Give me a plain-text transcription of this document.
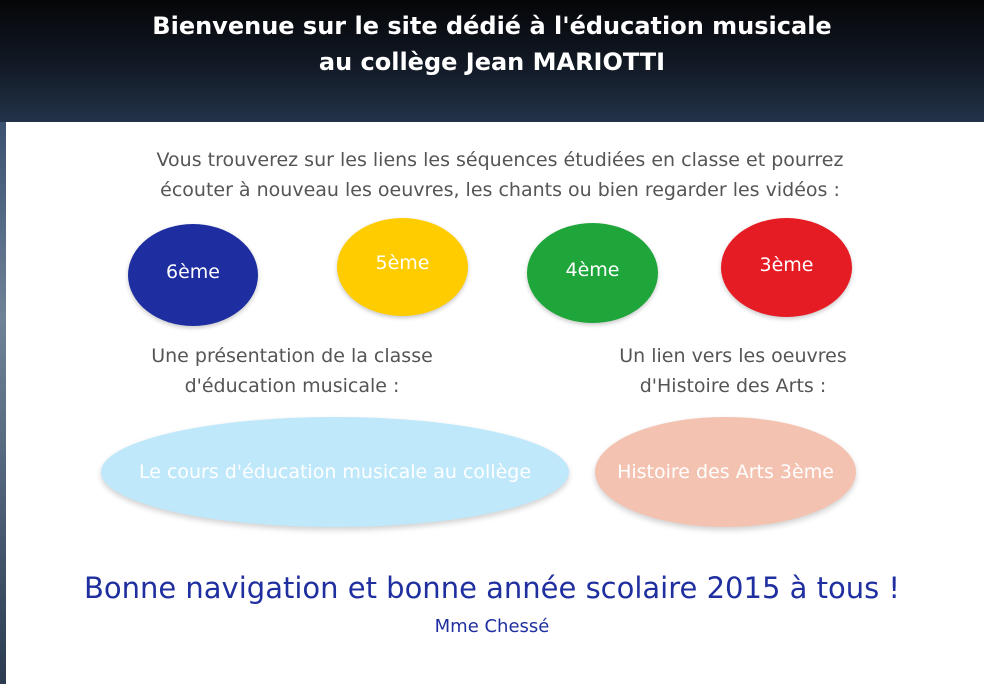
Bienvenue sur le site dédié à l'éducation musicale
au collège Jean MARIOTTI
Vous trouverez sur les liens les séquences étudiées en classe et pourrez
écouter à nouveau les oeuvres, les chants ou bien regarder les vidéos :
6ème	5ème	4ème	3ème
Une présentation de la classe
d'éducation musicale :
Un lien vers les oeuvres
d'Histoire des Arts :
Le cours d'éducation musicale au collège	Histoire des Arts 3ème
Bonne navigation et bonne année scolaire 2015 à tous !
Mme Chessé
